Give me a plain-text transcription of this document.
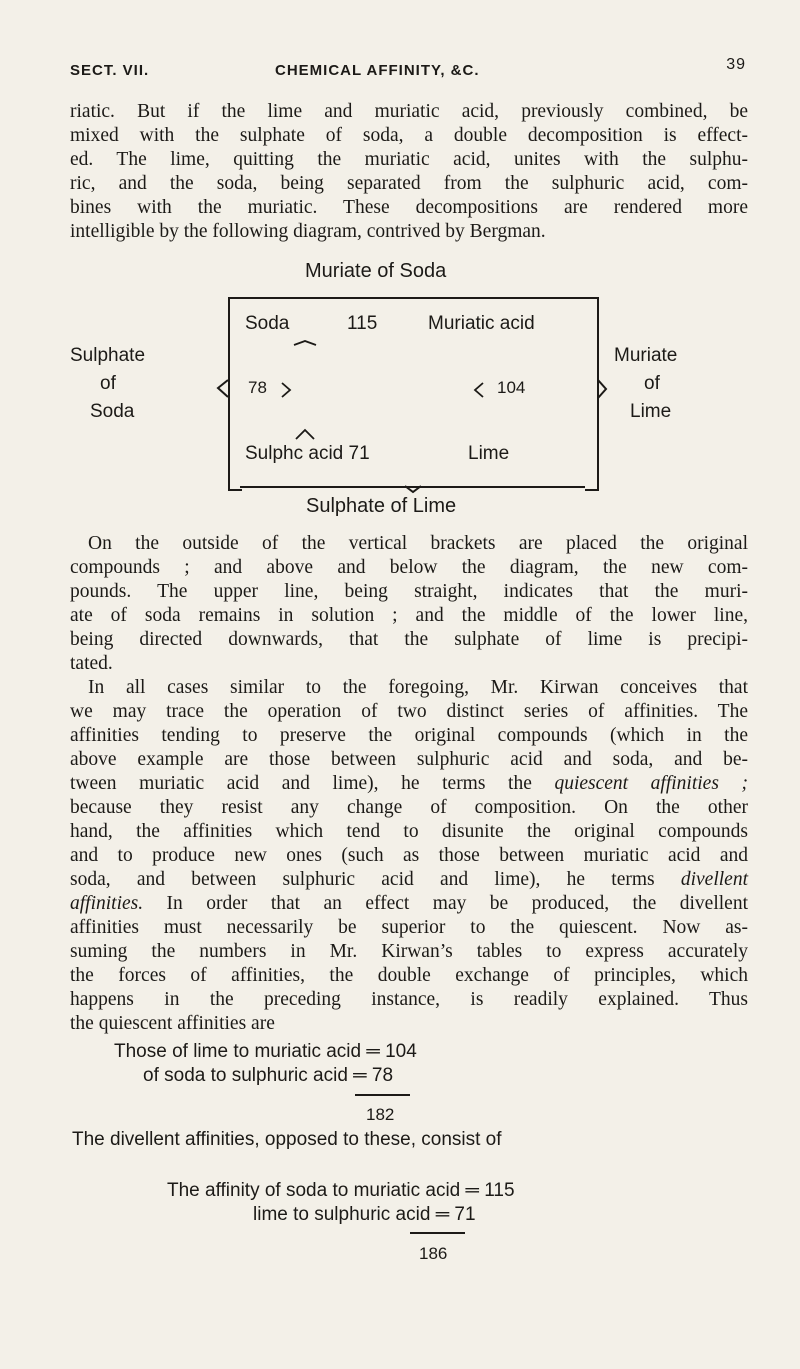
SECT. VII.	CHEMICAL AFFINITY, &C.	39
riatic. But if the lime and muriatic acid, previously combined, be
mixed with the sulphate of soda, a double decomposition is effect-
ed. The lime, quitting the muriatic acid, unites with the sulphu-
ric, and the soda, being separated from the sulphuric acid, com-
bines with the muriatic. These decompositions are rendered more
intelligible by the following diagram, contrived by Bergman.
Muriate of Soda
Sulphate
of
Soda
Muriate
of
Lime
Soda	115	Muriatic acid
78	104
Sulphc acid 71	Lime
Sulphate of Lime
On the outside of the vertical brackets are placed the original
compounds ; and above and below the diagram, the new com-
pounds. The upper line, being straight, indicates that the muri-
ate of soda remains in solution ; and the middle of the lower line,
being directed downwards, that the sulphate of lime is precipi-
tated.
In all cases similar to the foregoing, Mr. Kirwan conceives that
we may trace the operation of two distinct series of affinities. The
affinities tending to preserve the original compounds (which in the
above example are those between sulphuric acid and soda, and be-
tween muriatic acid and lime), he terms the quiescent affinities ;
because they resist any change of composition. On the other
hand, the affinities which tend to disunite the original compounds
and to produce new ones (such as those between muriatic acid and
soda, and between sulphuric acid and lime), he terms divellent
affinities. In order that an effect may be produced, the divellent
affinities must necessarily be superior to the quiescent. Now as-
suming the numbers in Mr. Kirwan’s tables to express accurately
the forces of affinities, the double exchange of principles, which
happens in the preceding instance, is readily explained. Thus
the quiescent affinities are
Those of lime to muriatic acid ═ 104
of soda to sulphuric acid ═ 78
182
The divellent affinities, opposed to these, consist of
The affinity of soda to muriatic acid ═ 115
lime to sulphuric acid ═ 71
186
